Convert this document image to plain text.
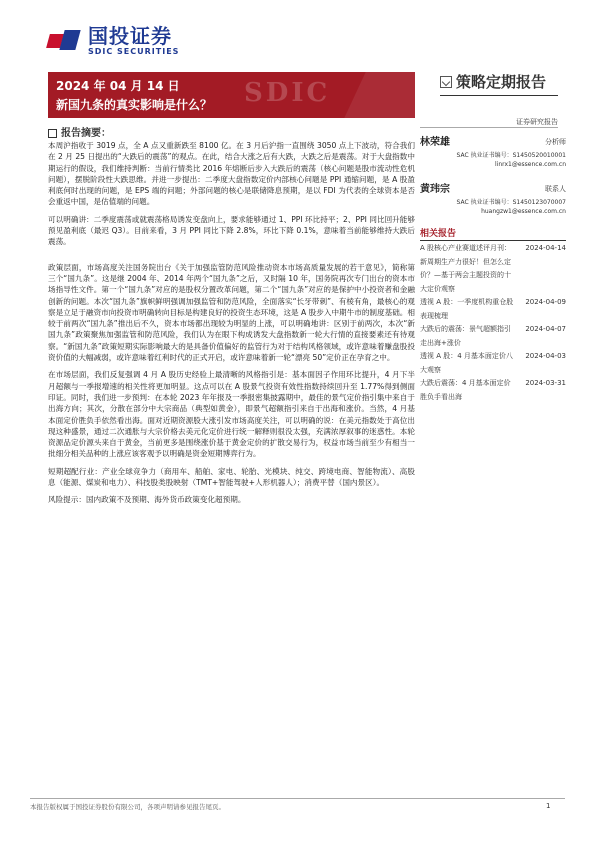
国投证券
SDIC SECURITIES
SDIC
2024 年 04 月 14 日
新国九条的真实影响是什么？
策略定期报告
证券研究报告
报告摘要：

本周沪指收于 3019 点，全 A 点又重新跌至 8100 亿。在 3 月后沪指一直围绕 3050 点上下波动，符合我们在 2 月 25 日提出的“大跌后的震荡”的观点。在此，结合大涨之后有大跌，大跌之后是震荡。对于大盘指数中期运行的假设，我们维持判断：当前行情类比 2016 年熔断后步入大跌后的震荡（核心问题是股市流动性危机问题），摆脱阶段性大跌思维。并进一步提出：二季度大盘指数定价内部核心问题是 PPI 通缩问题，是 A 股盈利底何时出现的问题，是 EPS 端的问题；外部问题的核心是联储降息预期，是以 FDI 为代表的全球资本是否会重返中国，是估值端的问题。

可以明确讲：二季度震荡或就震荡格局诱发变盘向上，要求能够通过 1、PPI 环比持平；2、PPI 同比回升能够预见盈利底（最迟 Q3）。目前来看，3 月 PPI 同比下降 2.8%，环比下降 0.1%，意味着当前能够维持大跌后震荡。

政策层面，市场高度关注国务院出台《关于加强监管防范风险推动资本市场高质量发展的若干意见》，简称第三个“国九条”。这是继 2004 年、2014 年两个“国九条”之后，又时隔 10 年，国务院再次专门出台的资本市场指导性文件。第一个“国九条”对应的是股权分置改革问题，第二个“国九条”对应的是保护中小投资者和金融创新的问题。本次“国九条”旗帜鲜明强调加强监管和防范风险，全面落实“长牙带刺”、有棱有角，最核心的观察是立足于融资市向投资市明确转向目标是构建良好的投资生态环境，这是 A 股步入中期牛市的制度基础。相较于前两次“国九条”推出后不久，资本市场都出现较为明显的上涨，可以明确地讲：区别于前两次，本次“新国九条”政策聚焦加强监管和防范风险，我们认为在眼下构成诱发大盘指数新一轮大行情的直接要素还有待观察。“新国九条”政策短期实际影响最大的是具备价值偏好的监管行为对于结构风格领域，或许意味着赚盘股投资价值的大幅减弱，或许意味着红利时代的正式开启，或许意味着新一轮“漂亮 50”定价正在孕育之中。

在市场层面，我们反复强调 4 月 A 股历史经验上最清晰的风格指引是：基本面因子作用环比提升，4 月下半月超额与一季报增速的相关性将更加明显。这点可以在 A 股景气投资有效性指数持续回升至 1.77%得到侧面印证。同时，我们进一步预判：在本轮 2023 年年报及一季报密集披露期中，最佳的景气定价指引集中来自于出海方向；其次，分散在部分中大宗商品（典型如黄金），即景气超额指引来自于出海和涨价。当然，4 月基本面定价胜负手依然看出海。面对近期资源股大涨引发市场高度关注，可以明确的说：在美元指数处于高位出现这种盛景，通过二次通胀与大宗价格去美元化定价进行统一解释则很没太强，充满浓厚叙事的迷惑性。本轮资源品定价源头来自于黄金，当前更多是围绕涨价基于黄金定价的扩散交易行为，权益市场当前至少有相当一批细分相关品种的上涨应该客观予以明确是资金短期博弈行为。

短期超配行业：产业全球竞争力（商用车、船舶、家电、轮胎、光模块、纯交、跨境电商、智能物流）、高股息（能源、煤炭和电力）、科技股类股映射（TMT+智能驾驶+人形机器人）；消费平替（国内景区）。

风险提示：国内政策不及预期、海外货币政策变化超预期。

林荣雄	分析师
SAC 执业证书编号：S1450520010001
linrx1@essence.com.cn
黄玮宗	联系人
SAC 执业证书编号：S1450123070007
huangzw1@essence.com.cn
相关报告
A 股核心产业赛道述评月刊：新周期生产力很好！但怎么定价？—基于两会主题投资的十大定价观察
2024-04-14
透视 A 股：一季度机构重仓股表现梳理
2024-04-09
大跌后的震荡：景气超额指引走出海+涨价
2024-04-07
透视 A 股：4 月基本面定价八大观察
2024-04-03
大跌后震荡：4 月基本面定价胜负手看出海
2024-03-31
本报告版权属于国投证券股份有限公司，各项声明请参见报告尾页。	1
